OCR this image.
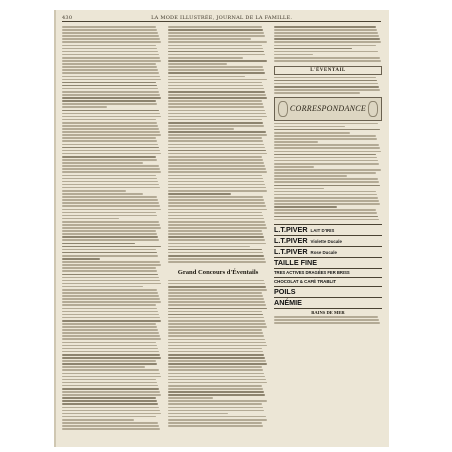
430	LA MODE ILLUSTRÉE, JOURNAL DE LA FAMILLE.
Grand Concours d'Éventails
L'ÉVENTAIL
CORRESPONDANCE
L.T.PIVER LAIT D'IRIS
L.T.PIVER Violette Ducale
L.T.PIVER Rose Ducale
TAILLE FINE
TRES ACTIVES DRAGÉES FER BRISS
CHOCOLAT & CAFÉ TRABLIT
POILS
ANÉMIE
BAINS DE MER
